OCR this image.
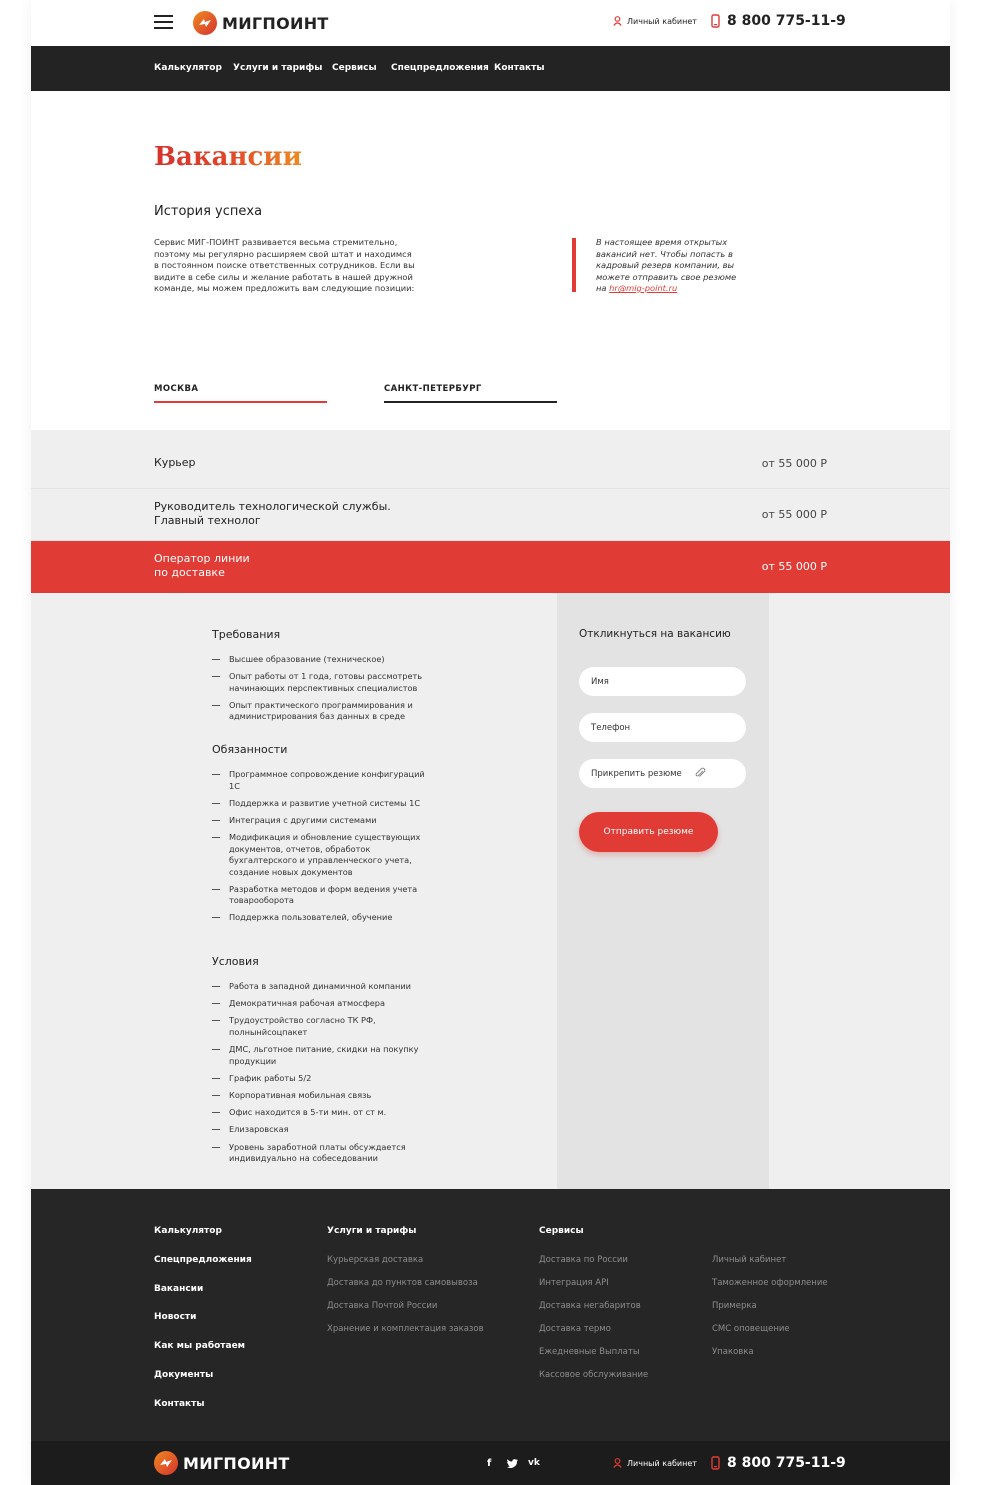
МИГПОИНТ	Личный кабинет 8 800 775-11-9
Калькулятор Услуги и тарифы Сервисы Спецпредложения Контакты
Вакансии
История успеха

Сервис МИГ-ПОИНТ развивается весьма стремительно, поэтому мы регулярно расширяем свой штат и находимся в постоянном поиске ответственных сотрудников. Если вы видите в себе силы и желание работать в нашей дружной команде, мы можем предложить вам следующие позиции:

В настоящее время открытых вакансий нет. Чтобы попасть в кадровый резерв компании, вы можете отправить свое резюме на hr@mig-point.ru

МОСКВА	САНКТ-ПЕТЕРБУРГ
Курьер	от 55 000 Р
Руководитель технологической службы.
Главный технолог	от 55 000 Р
Оператор линии
по доставке	от 55 000 Р
Требования
Высшее образование (техническое)
Опыт работы от 1 года, готовы рассмотреть начинающих перспективных специалистов
Опыт практического программирования и администрирования баз данных в среде
Обязанности
Программное сопровождение конфигураций 1С
Поддержка и развитие учетной системы 1С
Интеграция с другими системами
Модификация и обновление существующих документов, отчетов, обработок бухгалтерского и управленческого учета, создание новых документов
Разработка методов и форм ведения учета товарооборота
Поддержка пользователей, обучение
Условия
Работа в западной динамичной компании
Демократичная рабочая атмосфера
Трудоустройство согласно ТК РФ, полнынйсоцпакет
ДМС, льготное питание, скидки на покупку продукции
График работы 5/2
Корпоративная мобильная связь
Офис находится в 5-ти мин. от ст м.
Елизаровская
Уровень заработной платы обсуждается индивидуально на собеседовании
Откликнуться на вакансию
Имя
Телефон
Прикрепить резюме
Отправить резюме
Калькулятор
Спецпредложения
Вакансии
Новости
Как мы работаем
Документы
Контакты
Услуги и тарифы
Курьерская доставка
Доставка до пунктов самовывоза
Доставка Почтой России
Хранение и комплектация заказов
Сервисы
Доставка по России
Интеграция API
Доставка негабаритов
Доставка термо
Ежедневные Выплаты
Кассовое обслуживание
Личный кабинет
Таможенное оформление
Примерка
СМС оповещение
Упаковка
МИГПОИНТ	f	vk	Личный кабинет 8 800 775-11-9
